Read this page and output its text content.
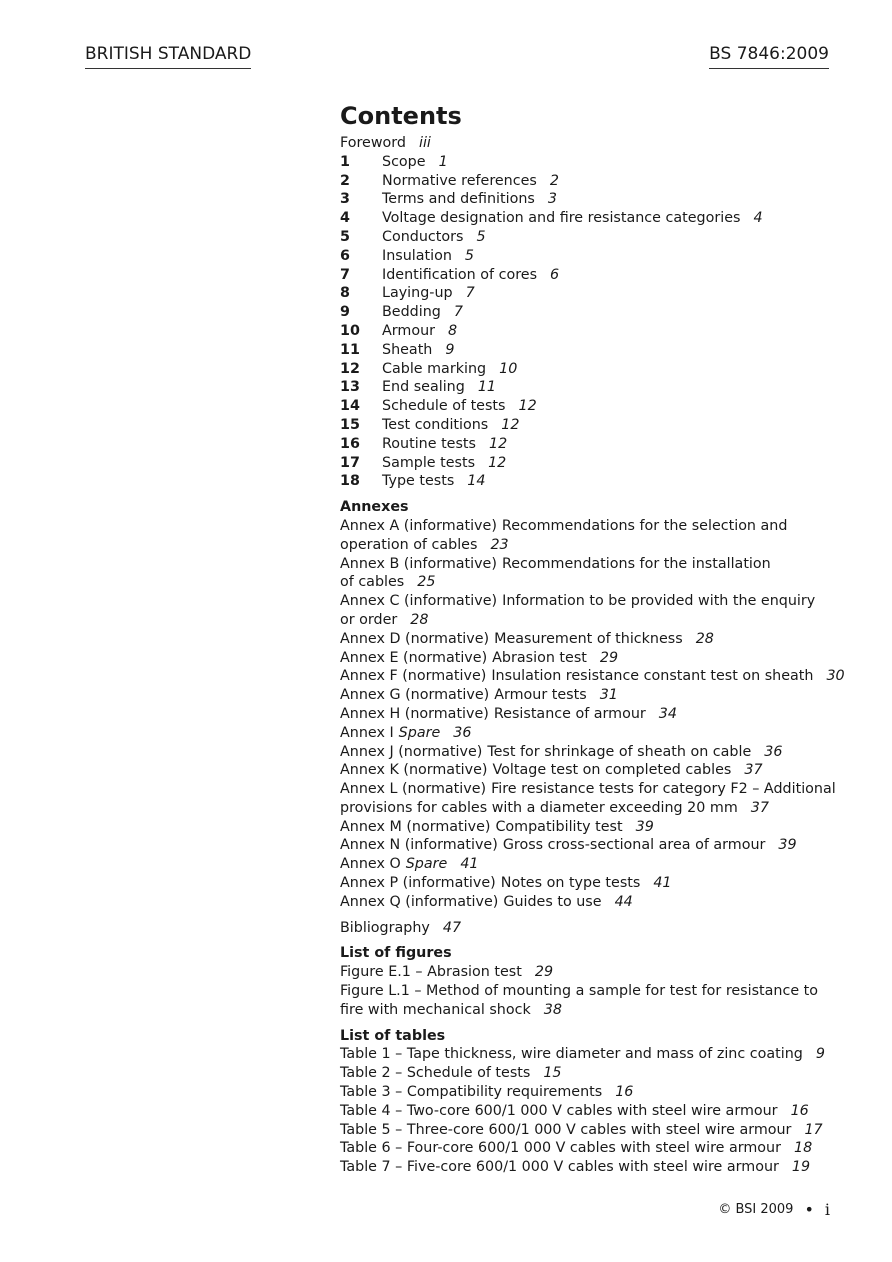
BRITISH STANDARD	BS 7846:2009
Contents
Foreword iii
1 Scope 1
2 Normative references 2
3 Terms and definitions 3
4 Voltage designation and fire resistance categories 4
5 Conductors 5
6 Insulation 5
7 Identification of cores 6
8 Laying-up 7
9 Bedding 7
10 Armour 8
11 Sheath 9
12 Cable marking 10
13 End sealing 11
14 Schedule of tests 12
15 Test conditions 12
16 Routine tests 12
17 Sample tests 12
18 Type tests 14
Annexes
Annex A (informative) Recommendations for the selection and
operation of cables 23
Annex B (informative) Recommendations for the installation
of cables 25
Annex C (informative) Information to be provided with the enquiry
or order 28
Annex D (normative) Measurement of thickness 28
Annex E (normative) Abrasion test 29
Annex F (normative) Insulation resistance constant test on sheath 30
Annex G (normative) Armour tests 31
Annex H (normative) Resistance of armour 34
Annex I Spare 36
Annex J (normative) Test for shrinkage of sheath on cable 36
Annex K (normative) Voltage test on completed cables 37
Annex L (normative) Fire resistance tests for category F2 – Additional
provisions for cables with a diameter exceeding 20 mm 37
Annex M (normative) Compatibility test 39
Annex N (informative) Gross cross-sectional area of armour 39
Annex O Spare 41
Annex P (informative) Notes on type tests 41
Annex Q (informative) Guides to use 44
Bibliography 47
List of figures
Figure E.1 – Abrasion test 29
Figure L.1 – Method of mounting a sample for test for resistance to
fire with mechanical shock 38
List of tables
Table 1 – Tape thickness, wire diameter and mass of zinc coating 9
Table 2 – Schedule of tests 15
Table 3 – Compatibility requirements 16
Table 4 – Two-core 600/1 000 V cables with steel wire armour 16
Table 5 – Three-core 600/1 000 V cables with steel wire armour 17
Table 6 – Four-core 600/1 000 V cables with steel wire armour 18
Table 7 – Five-core 600/1 000 V cables with steel wire armour 19
© BSI 2009 • i
